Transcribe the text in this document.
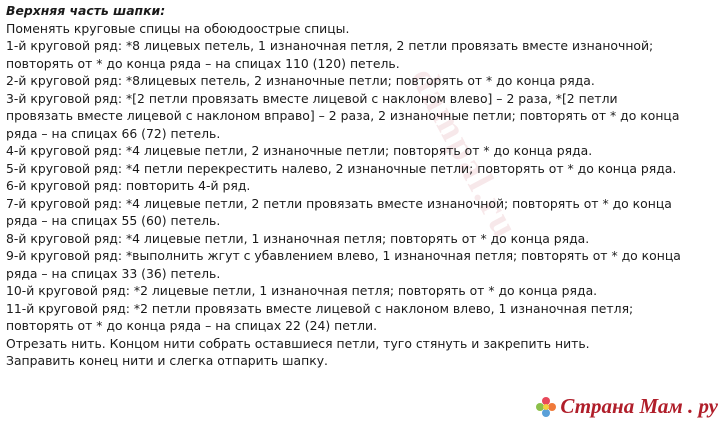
dampal.ru
Верхняя часть шапки:
Поменять круговые спицы на обоюдоострые спицы.
1-й круговой ряд: *8 лицевых петель, 1 изнаночная петля, 2 петли провязать вместе изнаночной;
повторять от * до конца ряда – на спицах 110 (120) петель.
2-й круговой ряд: *8лицевых петель, 2 изнаночные петли; повторять от * до конца ряда.
3-й круговой ряд: *[2 петли провязать вместе лицевой с наклоном влево] – 2 раза, *[2 петли
провязать вместе лицевой с наклоном вправо] – 2 раза, 2 изнаночные петли; повторять от * до конца
ряда – на спицах 66 (72) петель.
4-й круговой ряд: *4 лицевые петли, 2 изнаночные петли; повторять от * до конца ряда.
5-й круговой ряд: *4 петли перекрестить налево, 2 изнаночные петли; повторять от * до конца ряда.
6-й круговой ряд: повторить 4-й ряд.
7-й круговой ряд: *4 лицевые петли, 2 петли провязать вместе изнаночной; повторять от * до конца
ряда – на спицах 55 (60) петель.
8-й круговой ряд: *4 лицевые петли, 1 изнаночная петля; повторять от * до конца ряда.
9-й круговой ряд: *выполнить жгут с убавлением влево, 1 изнаночная петля; повторять от * до конца
ряда – на спицах 33 (36) петель.
10-й круговой ряд: *2 лицевые петли, 1 изнаночная петля; повторять от * до конца ряда.
11-й круговой ряд: *2 петли провязать вместе лицевой с наклоном влево, 1 изнаночная петля;
повторять от * до конца ряда – на спицах 22 (24) петли.
Отрезать нить. Концом нити собрать оставшиеся петли, туго стянуть и закрепить нить.
Заправить конец нити и слегка отпарить шапку.
Страна Мам . ру
